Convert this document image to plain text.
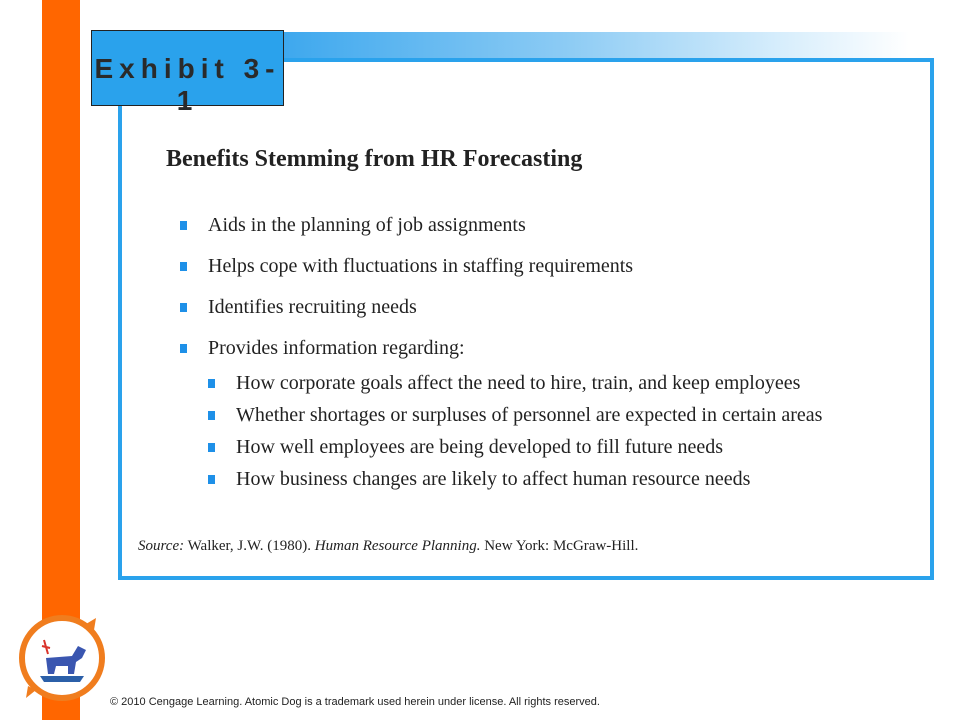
Exhibit 3-1
Benefits Stemming from HR Forecasting
Aids in the planning of job assignments
Helps cope with fluctuations in staffing requirements
Identifies recruiting needs
Provides information regarding:
How corporate goals affect the need to hire, train, and keep employees
Whether shortages or surpluses of personnel are expected in certain areas
How well employees are being developed to fill future needs
How business changes are likely to affect human resource needs
Source: Walker, J.W. (1980). Human Resource Planning. New York: McGraw-Hill.
© 2010 Cengage Learning. Atomic Dog is a trademark used herein under license. All rights reserved.
